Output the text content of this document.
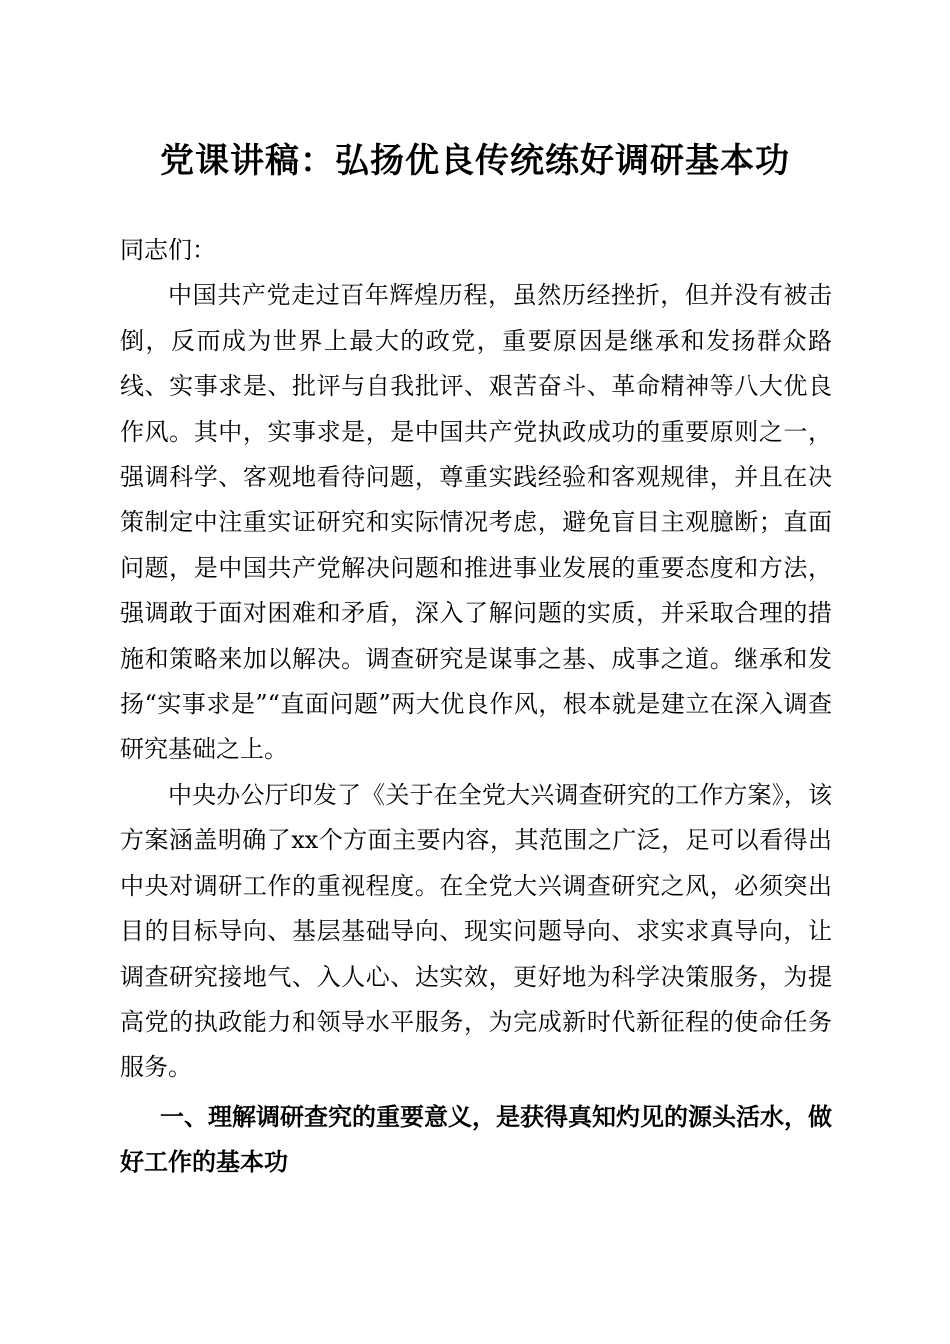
党课讲稿：弘扬优良传统练好调研基本功

同志们：

中国共产党走过百年辉煌历程，虽然历经挫折，但并没有被击倒，反而成为世界上最大的政党，重要原因是继承和发扬群众路线、实事求是、批评与自我批评、艰苦奋斗、革命精神等八大优良作风。其中，实事求是，是中国共产党执政成功的重要原则之一，强调科学、客观地看待问题，尊重实践经验和客观规律，并且在决策制定中注重实证研究和实际情况考虑，避免盲目主观臆断；直面问题，是中国共产党解决问题和推进事业发展的重要态度和方法，强调敢于面对困难和矛盾，深入了解问题的实质，并采取合理的措施和策略来加以解决。调查研究是谋事之基、成事之道。继承和发扬“实事求是”“直面问题”两大优良作风，根本就是建立在深入调查研究基础之上。

中央办公厅印发了《关于在全党大兴调查研究的工作方案》，该方案涵盖明确了xx个方面主要内容，其范围之广泛，足可以看得出中央对调研工作的重视程度。在全党大兴调查研究之风，必须突出目的目标导向、基层基础导向、现实问题导向、求实求真导向，让调查研究接地气、入人心、达实效，更好地为科学决策服务，为提高党的执政能力和领导水平服务，为完成新时代新征程的使命任务服务。

一、理解调研查究的重要意义，是获得真知灼见的源头活水，做好工作的基本功
